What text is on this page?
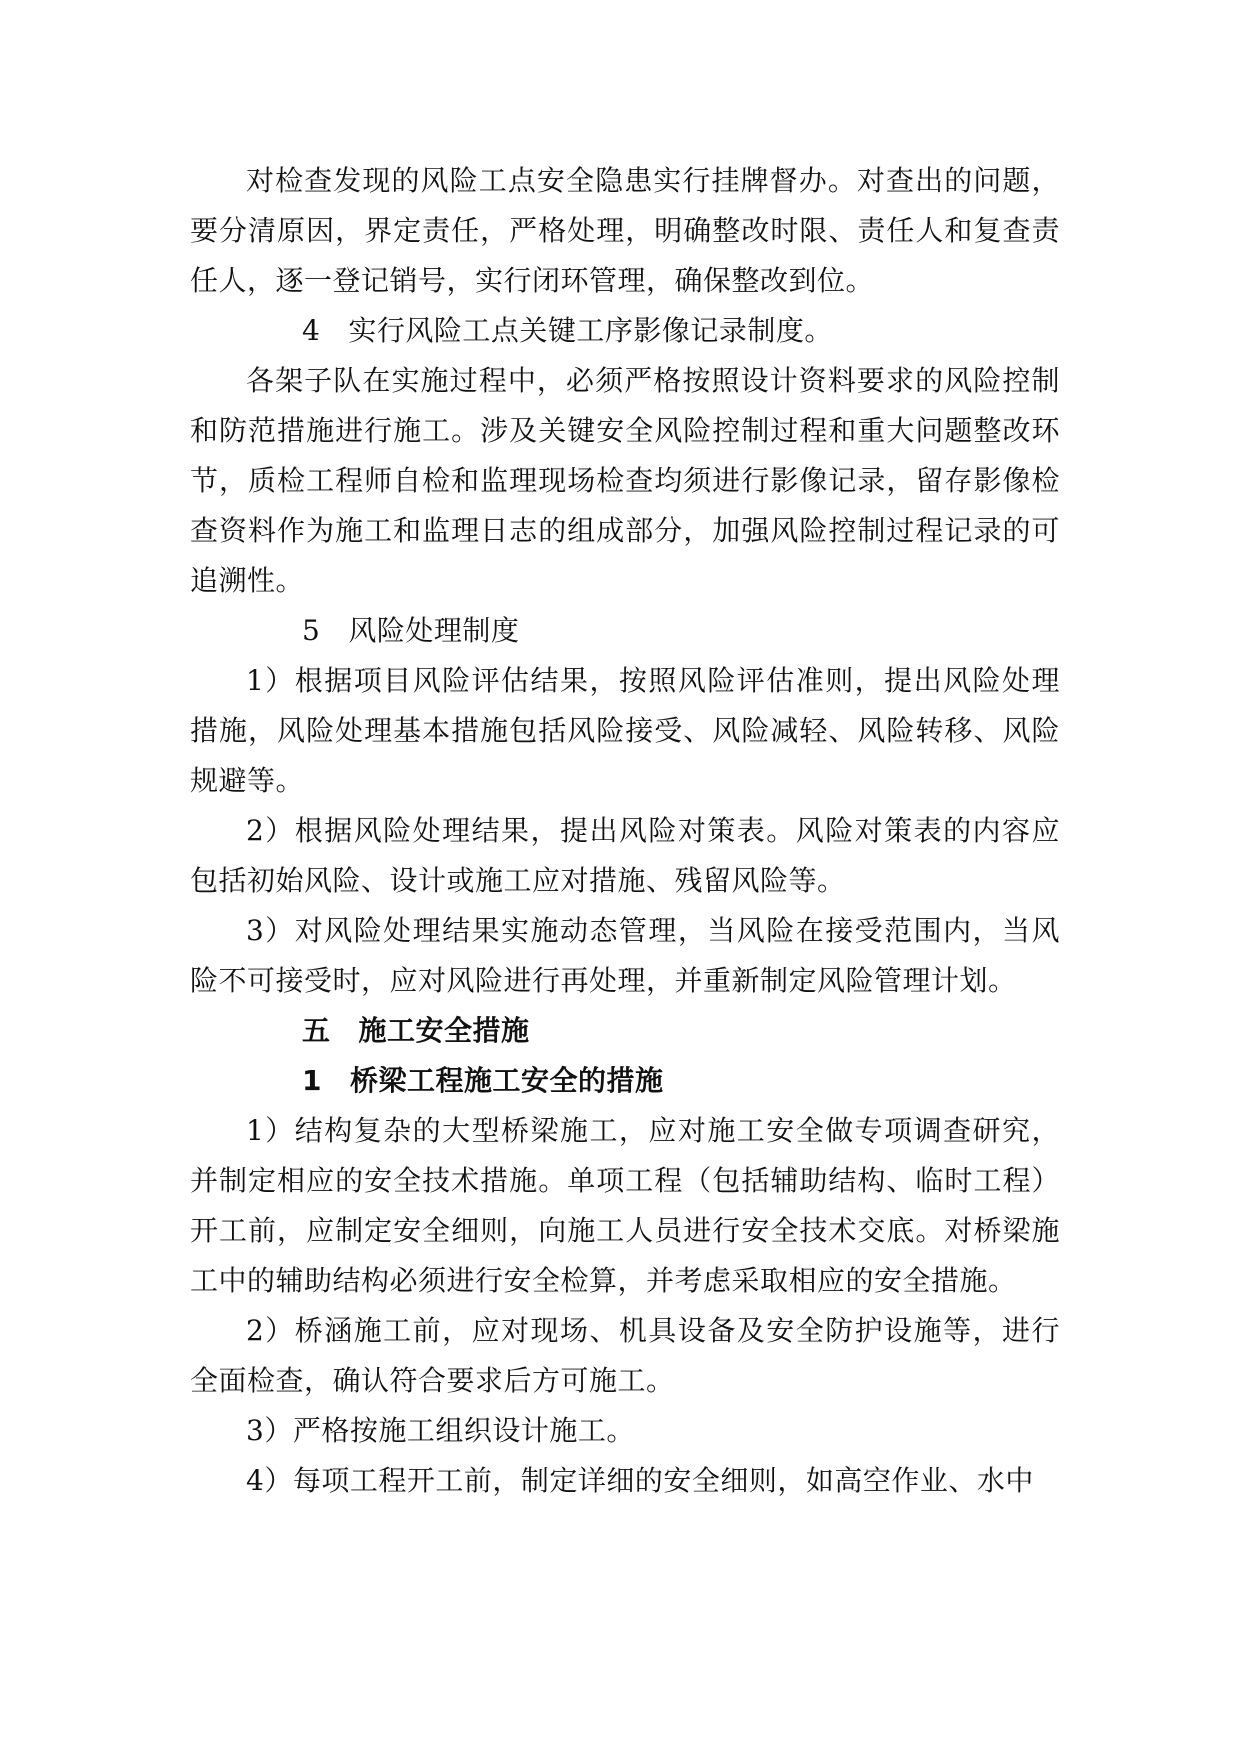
对检查发现的风险工点安全隐患实行挂牌督办。对查出的问题，要分清原因，界定责任，严格处理，明确整改时限、责任人和复查责任人，逐一登记销号，实行闭环管理，确保整改到位。

4 实行风险工点关键工序影像记录制度。

各架子队在实施过程中，必须严格按照设计资料要求的风险控制和防范措施进行施工。涉及关键安全风险控制过程和重大问题整改环节，质检工程师自检和监理现场检查均须进行影像记录，留存影像检查资料作为施工和监理日志的组成部分，加强风险控制过程记录的可追溯性。

5 风险处理制度

1）根据项目风险评估结果，按照风险评估准则，提出风险处理措施，风险处理基本措施包括风险接受、风险减轻、风险转移、风险规避等。

2）根据风险处理结果，提出风险对策表。风险对策表的内容应包括初始风险、设计或施工应对措施、残留风险等。

3）对风险处理结果实施动态管理，当风险在接受范围内，当风险不可接受时，应对风险进行再处理，并重新制定风险管理计划。

五 施工安全措施

1 桥梁工程施工安全的措施

1）结构复杂的大型桥梁施工，应对施工安全做专项调查研究，并制定相应的安全技术措施。单项工程（包括辅助结构、临时工程）开工前，应制定安全细则，向施工人员进行安全技术交底。对桥梁施工中的辅助结构必须进行安全检算，并考虑采取相应的安全措施。

2）桥涵施工前，应对现场、机具设备及安全防护设施等，进行全面检查，确认符合要求后方可施工。

3）严格按施工组织设计施工。

4）每项工程开工前，制定详细的安全细则，如高空作业、水中
